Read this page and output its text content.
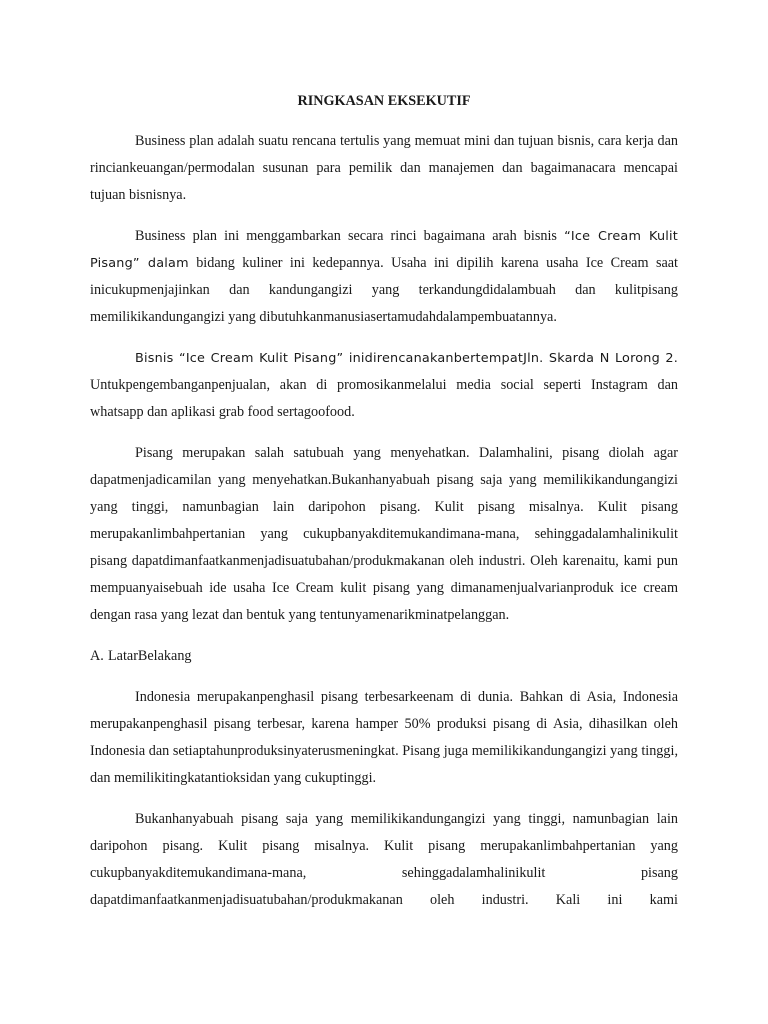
RINGKASAN EKSEKUTIF

Business plan adalah suatu rencana tertulis yang memuat mini dan tujuan bisnis, cara kerja dan rinciankeuangan/permodalan susunan para pemilik dan manajemen dan bagaimanacara mencapai tujuan bisnisnya.

Business plan ini menggambarkan secara rinci bagaimana arah bisnis “Ice Cream Kulit Pisang” dalam bidang kuliner ini kedepannya. Usaha ini dipilih karena usaha Ice Cream saat inicukupmenjajinkan dan kandungangizi yang terkandungdidalambuah dan kulitpisang memilikikandungangizi yang dibutuhkanmanusiasertamudahdalampembuatannya.

Bisnis “Ice Cream Kulit Pisang” inidirencanakanbertempatJln. Skarda N Lorong 2. Untukpengembanganpenjualan, akan di promosikanmelalui media social seperti Instagram dan whatsapp dan aplikasi grab food sertagoofood.

Pisang merupakan salah satubuah yang menyehatkan. Dalamhalini, pisang diolah agar dapatmenjadicamilan yang menyehatkan.Bukanhanyabuah pisang saja yang memilikikandungangizi yang tinggi, namunbagian lain daripohon pisang. Kulit pisang misalnya. Kulit pisang merupakanlimbahpertanian yang cukupbanyakditemukandimana-mana, sehinggadalamhalinikulit pisang dapatdimanfaatkanmenjadisuatubahan/produkmakanan oleh industri. Oleh karenaitu, kami pun mempuanyaisebuah ide usaha Ice Cream kulit pisang yang dimanamenjualvarianproduk ice cream dengan rasa yang lezat dan bentuk yang tentunyamenarikminatpelanggan.

A. LatarBelakang

Indonesia merupakanpenghasil pisang terbesarkeenam di dunia. Bahkan di Asia, Indonesia merupakanpenghasil pisang terbesar, karena hamper 50% produksi pisang di Asia, dihasilkan oleh Indonesia dan setiaptahunproduksinyaterusmeningkat. Pisang juga memilikikandungangizi yang tinggi, dan memilikitingkatantioksidan yang cukuptinggi.

Bukanhanyabuah pisang saja yang memilikikandungangizi yang tinggi, namunbagian lain daripohon pisang. Kulit pisang misalnya. Kulit pisang merupakanlimbahpertanian yang cukupbanyakditemukandimana-mana, sehinggadalamhalinikulit pisang dapatdimanfaatkanmenjadisuatubahan/produkmakanan oleh industri. Kali ini kami
